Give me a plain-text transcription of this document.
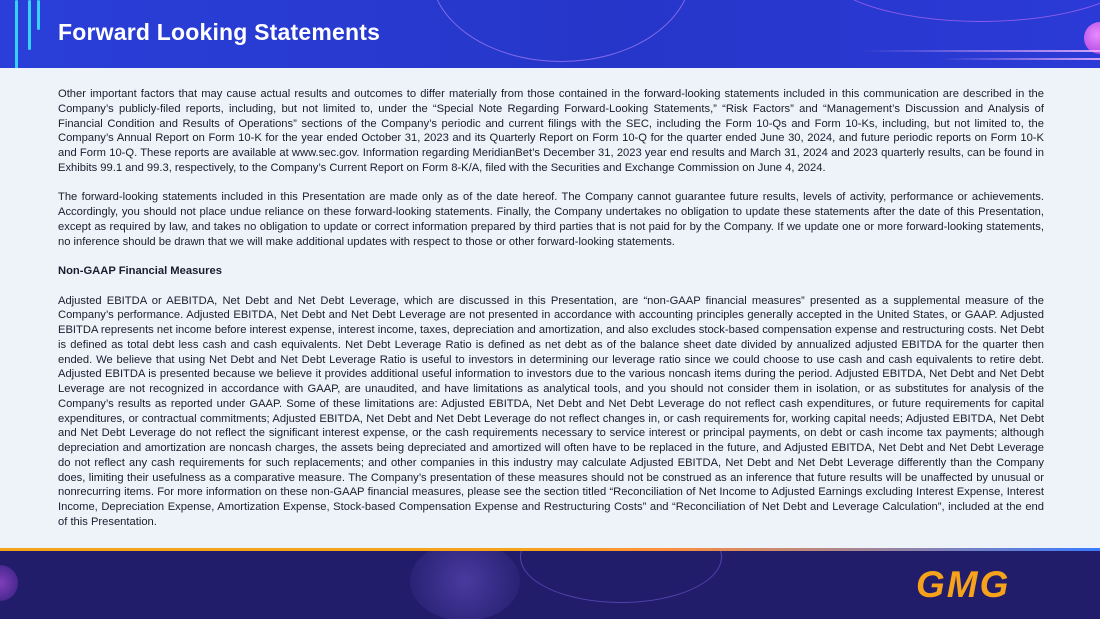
Forward Looking Statements

Other important factors that may cause actual results and outcomes to differ materially from those contained in the forward-looking statements included in this communication are described in the Company’s publicly-filed reports, including, but not limited to, under the “Special Note Regarding Forward-Looking Statements,” “Risk Factors” and “Management’s Discussion and Analysis of Financial Condition and Results of Operations” sections of the Company’s periodic and current filings with the SEC, including the Form 10-Qs and Form 10-Ks, including, but not limited to, the Company’s Annual Report on Form 10-K for the year ended October 31, 2023 and its Quarterly Report on Form 10-Q for the quarter ended June 30, 2024, and future periodic reports on Form 10-K and Form 10-Q. These reports are available at www.sec.gov. Information regarding MeridianBet’s December 31, 2023 year end results and March 31, 2024 and 2023 quarterly results, can be found in Exhibits 99.1 and 99.3, respectively, to the Company’s Current Report on Form 8-K/A, filed with the Securities and Exchange Commission on June 4, 2024.

The forward-looking statements included in this Presentation are made only as of the date hereof. The Company cannot guarantee future results, levels of activity, performance or achievements. Accordingly, you should not place undue reliance on these forward-looking statements. Finally, the Company undertakes no obligation to update these statements after the date of this Presentation, except as required by law, and takes no obligation to update or correct information prepared by third parties that is not paid for by the Company. If we update one or more forward-looking statements, no inference should be drawn that we will make additional updates with respect to those or other forward-looking statements.

Non-GAAP Financial Measures

Adjusted EBITDA or AEBITDA, Net Debt and Net Debt Leverage, which are discussed in this Presentation, are “non-GAAP financial measures” presented as a supplemental measure of the Company’s performance. Adjusted EBITDA, Net Debt and Net Debt Leverage are not presented in accordance with accounting principles generally accepted in the United States, or GAAP. Adjusted EBITDA represents net income before interest expense, interest income, taxes, depreciation and amortization, and also excludes stock-based compensation expense and restructuring costs. Net Debt is defined as total debt less cash and cash equivalents. Net Debt Leverage Ratio is defined as net debt as of the balance sheet date divided by annualized adjusted EBITDA for the quarter then ended. We believe that using Net Debt and Net Debt Leverage Ratio is useful to investors in determining our leverage ratio since we could choose to use cash and cash equivalents to retire debt. Adjusted EBITDA is presented because we believe it provides additional useful information to investors due to the various noncash items during the period. Adjusted EBITDA, Net Debt and Net Debt Leverage are not recognized in accordance with GAAP, are unaudited, and have limitations as analytical tools, and you should not consider them in isolation, or as substitutes for analysis of the Company’s results as reported under GAAP. Some of these limitations are: Adjusted EBITDA, Net Debt and Net Debt Leverage do not reflect cash expenditures, or future requirements for capital expenditures, or contractual commitments; Adjusted EBITDA, Net Debt and Net Debt Leverage do not reflect changes in, or cash requirements for, working capital needs; Adjusted EBITDA, Net Debt and Net Debt Leverage do not reflect the significant interest expense, or the cash requirements necessary to service interest or principal payments, on debt or cash income tax payments; although depreciation and amortization are noncash charges, the assets being depreciated and amortized will often have to be replaced in the future, and Adjusted EBITDA, Net Debt and Net Debt Leverage do not reflect any cash requirements for such replacements; and other companies in this industry may calculate Adjusted EBITDA, Net Debt and Net Debt Leverage differently than the Company does, limiting their usefulness as a comparative measure. The Company’s presentation of these measures should not be construed as an inference that future results will be unaffected by unusual or nonrecurring items. For more information on these non-GAAP financial measures, please see the section titled “Reconciliation of Net Income to Adjusted Earnings excluding Interest Expense, Interest Income, Depreciation Expense, Amortization Expense, Stock-based Compensation Expense and Restructuring Costs” and “Reconciliation of Net Debt and Leverage Calculation”, included at the end of this Presentation.

GMG
